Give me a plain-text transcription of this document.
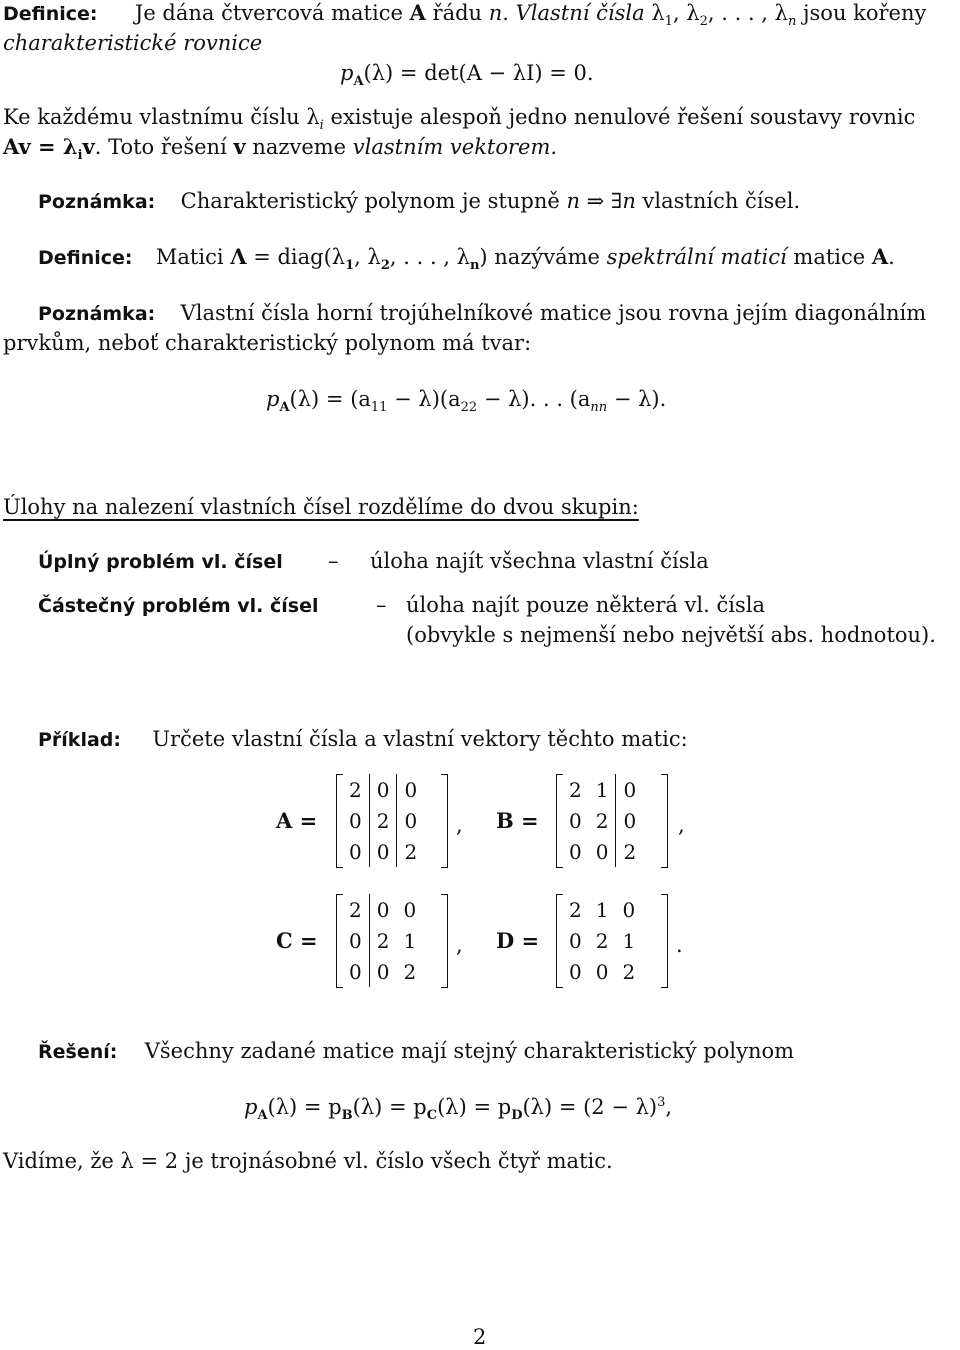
Definice: Je dána čtvercová matice A řádu n. Vlastní čísla $\lambda_1$, $\lambda_2$, . . . , $\lambda_n$ jsou kořeny
charakteristické rovnice
$p_A(\lambda) = \det(A - \lambda I) = 0$.
Ke každému vlastnímu číslu $\lambda_i$ existuje alespoň jedno nenulové řešení soustavy rovnic
$Av = \lambda_iv$. Toto řešení v nazveme vlastním vektorem.
Poznámka: Charakteristický polynom je stupně n ⇒ ∃n vlastních čísel.
Definice: Matici $\Lambda = diag(\lambda_1$, $\lambda_2$, . . . , $\lambda_n$) nazýváme spektrální maticí matice A.
Poznámka: Vlastní čísla horní trojúhelníkové matice jsou rovna jejím diagonálním
prvkům, neboť charakteristický polynom má tvar:
$p_A(\lambda) = (a_{11} - \lambda)(a_{22} - \lambda)$. . . $(a_{nn} - \lambda)$.
Úlohy na nalezení vlastních čísel rozdělíme do dvou skupin:
Úplný problém vl. čísel – úloha najít všechna vlastní čísla
Částečný problém vl. čísel	– úloha najít pouze některá vl. čísla
(obvykle s nejmenší nebo největší abs. hodnotou).
Příklad: Určete vlastní čísla a vlastní vektory těchto matic:
A =
2	0	0
0	2	0
0	0	2
, B =
2	1	0
0	2	0
0	0	2
,
C =
2	0	0
0	2	1
0	0	2
, D =
2	1	0
0	2	1
0	0	2
.
Řešení: Všechny zadané matice mají stejný charakteristický polynom
$p_A(\lambda) = p_B(\lambda) = p_C(\lambda) = p_D(\lambda) = (2 - \lambda)^3$,
Vidíme, že λ = 2 je trojnásobné vl. číslo všech čtyř matic.
2
